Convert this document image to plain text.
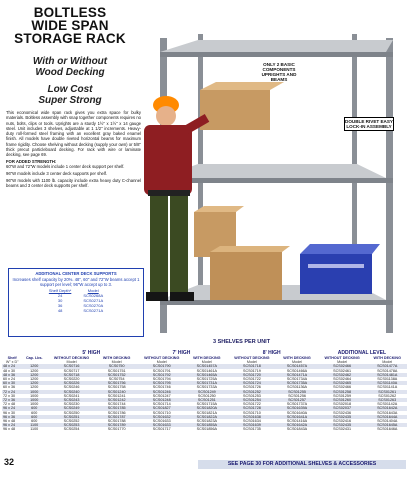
BOLTLESS
WIDE SPAN
STORAGE RACK
With or Without
Wood Decking
Low Cost
Super Strong

This economical wide span rack gives you extra space for bulky materials. Boltless assembly with snap together components requires no nuts, bolts, clips or tools. Uprights are a sturdy 1½" x 1½" x 14 gauge steel. Unit includes 3 shelves, adjustable at 1 1/2" increments. Heavy-duty roll-formed steel framing with an excellent gray baked enamel finish. All models have double riveted horizontal beams for maximum frame rigidity. Choose shelving without decking (supply your own) or 5/8" thick precut particleboard decking. For rack with wire or laminate decking, see page 69.

FOR ADDED STRENGTH:
60"W and 72"W models include 1 center deck support per shelf.

96"W models include 3 center deck supports per shelf.

96"W models with 1100 lb. capacity include extra heavy duty C-channel beams and 3 center deck supports per shelf.

ADDITIONAL CENTER DECK SUPPORTS
Increases shelf capacity by 20%. 48", 60" and 72"W beams accept 1 support per level; 96"W accept up to 3.
Shelf Depth*	Model
24	SCS0268A
30	SCS0271A
36	SCS0270A
48	SCS0271A
ONLY 2 BASIC COMPONENTS UPRIGHTS AND BEAMS
DOUBLE RIVET EASY LOCK-IN ASSEMBLY
3 SHELVES PER UNIT
		5' HIGH		7' HIGH		8' HIGH		ADDITIONAL LEVEL	
Shelf	Cap. Lbs.	WITHOUT DECKING	WITH DECKING	WITHOUT DECKING	WITH DECKING	WITHOUT DECKING	WITH DECKING	WITHOUT DECKING	WITH DECKING
W" x D"		Model	Model	Model	Model	Model	Model	Model	Model
48 x 24	1200	SCS0716	SCS0750	SCS01790	SCS01457A	SCS01718	SCS01457A	SCS02466	SCS01477A
48 x 30	1200	SCS0717	SCS01751	SCS01791	SCS01461A	SCS01719	SCS01466A	SCS02461	SCS01478A
48 x 36	1200	SCS0718	SCS01752	SCS01792	SCS01465A	SCS01720	SCS01471A	SCS02462	SCS01481A
60 x 24	1200	SCS0220	SCS0754	SCS01794	SCS01725A	SCS01722	SCS01734A	SCS02464	SCS01138A
60 x 30	1200	SCS0226	SCS01756	SCS01795	SCS01731A	SCS01724	SCS01735A	SCS02465	SCS01140A
60 x 36	1200	SCS0246	SCS01758	SCS01746	SCS01733A	SCS01726	SCS01136A	SCS02466	SCS01141A
72 x 24	1000	SCS0240	SCS01240	SCS01246	SCS01249	SCS01252	SCS01255	SCS01258	SCS01261
72 x 30	1000	SCS0241	SCS01241	SCS01247	SCS01250	SCS01253	SCS01256	SCS01259	SCS01262
72 x 36	1000	SCS0243	SCS01242	SCS01248	SCS01251	SCS01254	SCS01257	SCS01260	SCS01263
72 x 48	1000	SCS0230	SCS01744	SCS01714	SCS01715A	SCS01722	SCS01737A	SCS02018	SCS01142A
96 x 24	600	SCS0249	SCS01785	SCS01827	SCS01820A	SCS01728	SCS01639A	SCS02037	SCS01642A
96 x 30	600	SCS0250	SCS01786	SCS01710	SCS01821A	SCS01710	SCS01640A	SCS02436	SCS01643A
96 x 36	600	SCS0251	SCS01787	SCS01632	SCS01822A	SCS01638	SCS01641A	SCS02435	SCS01644A
96 x 48	600	SCS0252	SCS01788	SCS01633	SCS01823A	SCS01634	SCS01416A	SCS02416	SCS01404A
96 x 24	1100	SCS0253	SCS01789	SCS01633	SCS01855A	SCS01639	SCS01642A	SCS02435	SCS01645A
96 x 48	1100	SCS0254	SCS01770	SCS01717	SCS01856A	SCS01735	SCS01843A	SCS02431	SCS01646A
32	SEE PAGE 30 FOR ADDITIONAL SHELVES & ACCESSORIES
